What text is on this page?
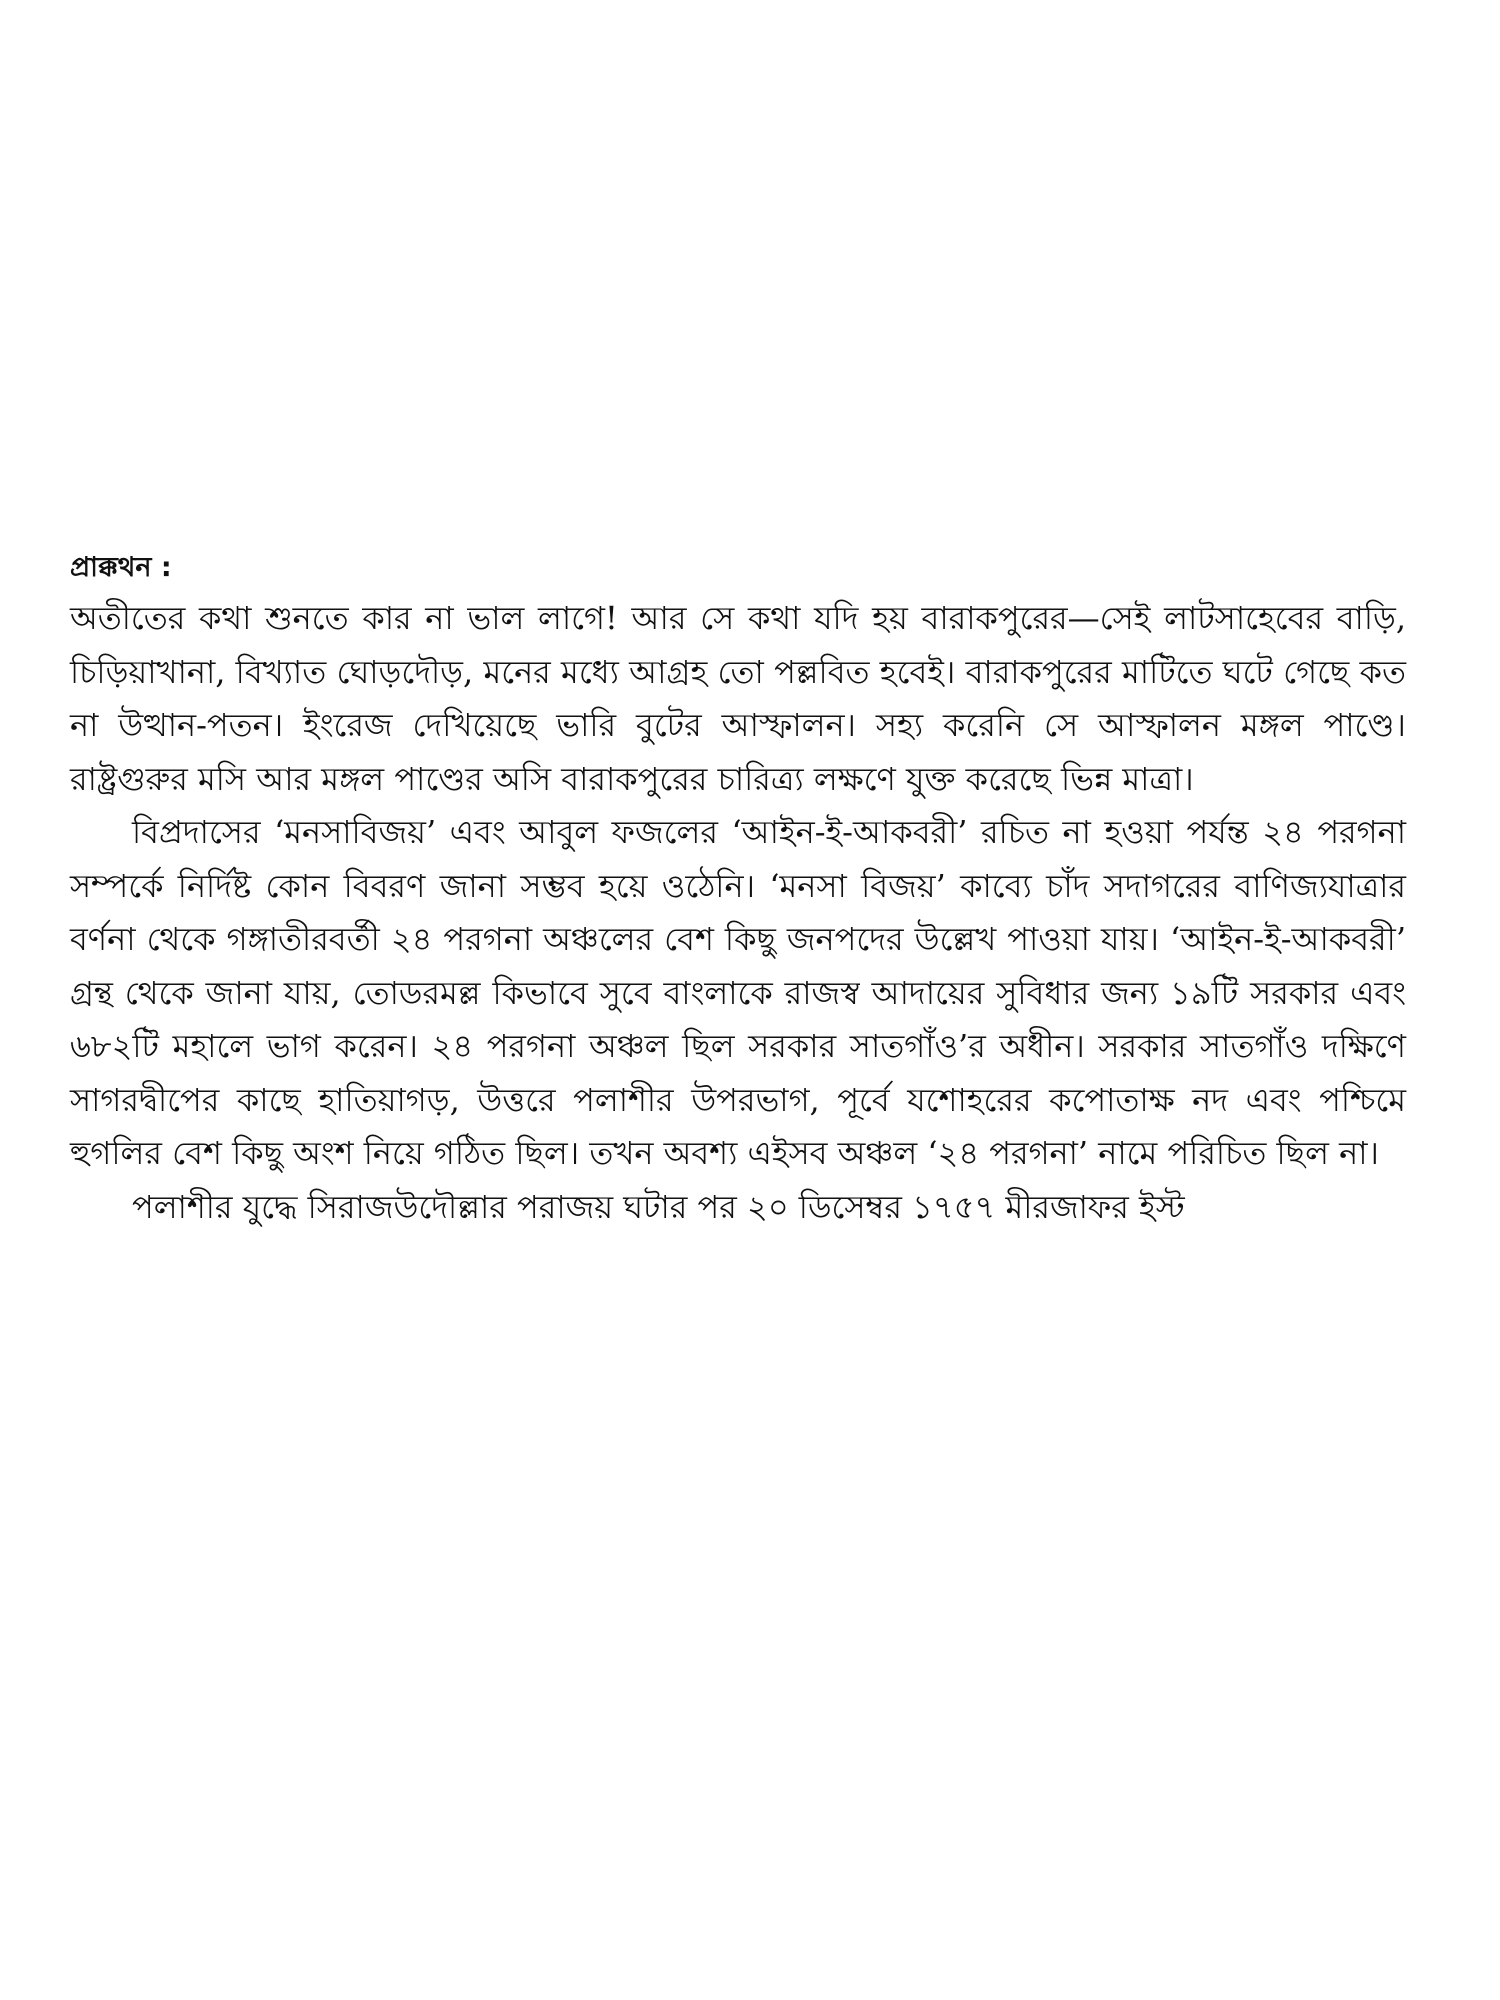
প্রাক্কথন :

অতীতের কথা শুনতে কার না ভাল লাগে! আর সে কথা যদি হয় বারাকপুরের—সেই লাটসাহেবের বাড়ি, চিড়িয়াখানা, বিখ্যাত ঘোড়দৌড়, মনের মধ্যে আগ্রহ তো পল্লবিত হবেই। বারাকপুরের মাটিতে ঘটে গেছে কত না উত্থান-পতন। ইংরেজ দেখিয়েছে ভারি বুটের আস্ফালন। সহ্য করেনি সে আস্ফালন মঙ্গল পাণ্ডে। রাষ্ট্রগুরুর মসি আর মঙ্গল পাণ্ডের অসি বারাকপুরের চারিত্র্য লক্ষণে যুক্ত করেছে ভিন্ন মাত্রা।

বিপ্রদাসের ‘মনসাবিজয়’ এবং আবুল ফজলের ‘আইন-ই-আকবরী’ রচিত না হওয়া পর্যন্ত ২৪ পরগনা সম্পর্কে নির্দিষ্ট কোন বিবরণ জানা সম্ভব হয়ে ওঠেনি। ‘মনসা বিজয়’ কাব্যে চাঁদ সদাগরের বাণিজ্যযাত্রার বর্ণনা থেকে গঙ্গাতীরবর্তী ২৪ পরগনা অঞ্চলের বেশ কিছু জনপদের উল্লেখ পাওয়া যায়। ‘আইন-ই-আকবরী’ গ্রন্থ থেকে জানা যায়, তোডরমল্ল কিভাবে সুবে বাংলাকে রাজস্ব আদায়ের সুবিধার জন্য ১৯টি সরকার এবং ৬৮২টি মহালে ভাগ করেন। ২৪ পরগনা অঞ্চল ছিল সরকার সাতগাঁও’র অধীন। সরকার সাতগাঁও দক্ষিণে সাগরদ্বীপের কাছে হাতিয়াগড়, উত্তরে পলাশীর উপরভাগ, পূর্বে যশোহরের কপোতাক্ষ নদ এবং পশ্চিমে হুগলির বেশ কিছু অংশ নিয়ে গঠিত ছিল। তখন অবশ্য এইসব অঞ্চল ‘২৪ পরগনা’ নামে পরিচিত ছিল না।

পলাশীর যুদ্ধে সিরাজউদৌল্লার পরাজয় ঘটার পর ২০ ডিসেম্বর ১৭৫৭ মীরজাফর ইস্ট
